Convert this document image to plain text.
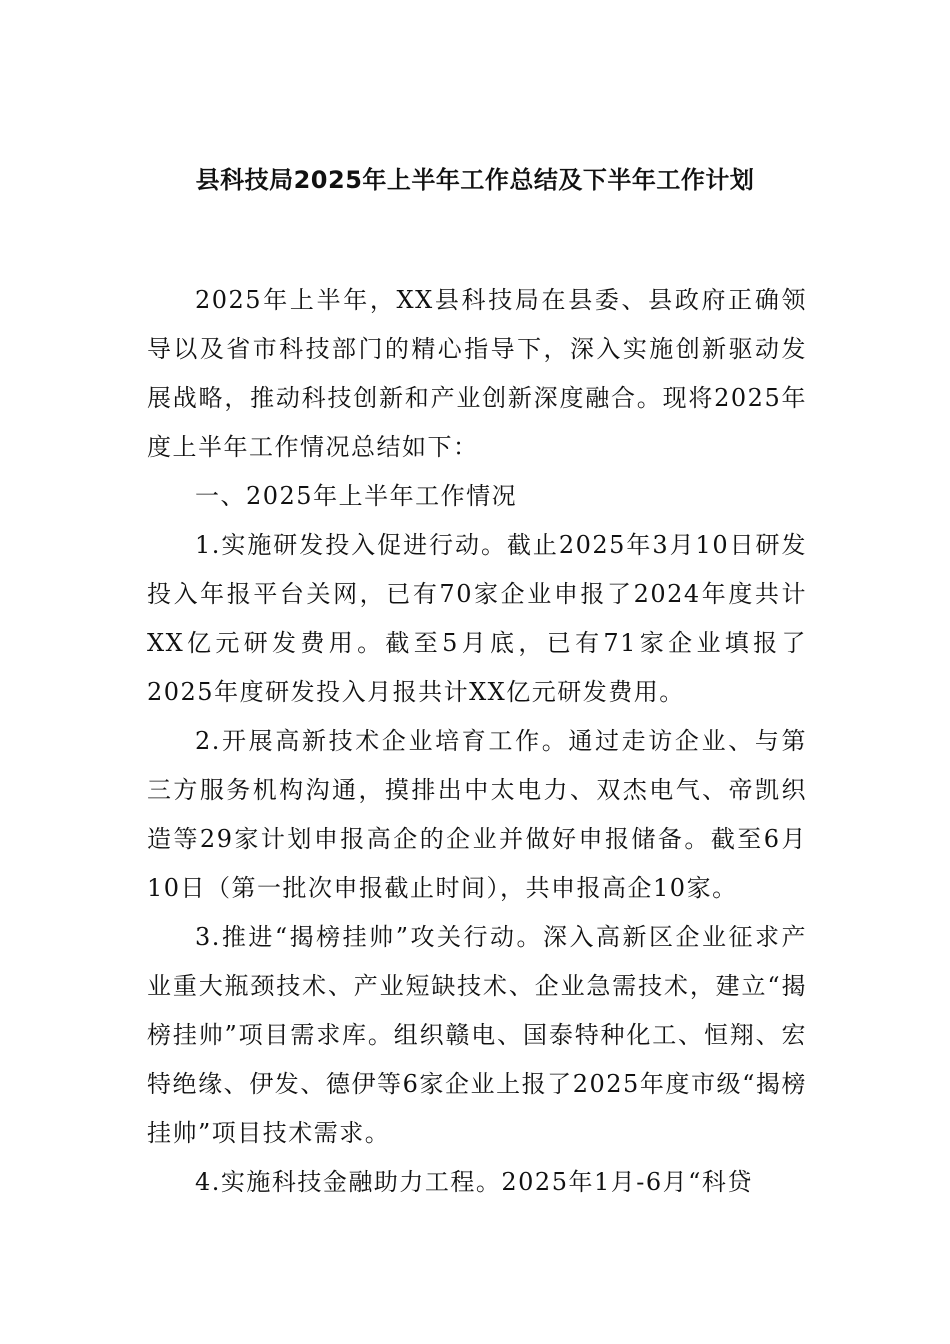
县科技局2025年上半年工作总结及下半年工作计划

2025年上半年，XX县科技局在县委、县政府正确领导以及省市科技部门的精心指导下，深入实施创新驱动发展战略，推动科技创新和产业创新深度融合。现将2025年度上半年工作情况总结如下：

一、2025年上半年工作情况

1.实施研发投入促进行动。截止2025年3月10日研发投入年报平台关网，已有70家企业申报了2024年度共计XX亿元研发费用。截至5月底，已有71家企业填报了2025年度研发投入月报共计XX亿元研发费用。

2.开展高新技术企业培育工作。通过走访企业、与第三方服务机构沟通，摸排出中太电力、双杰电气、帝凯织造等29家计划申报高企的企业并做好申报储备。截至6月10日（第一批次申报截止时间），共申报高企10家。

3.推进“揭榜挂帅”攻关行动。深入高新区企业征求产业重大瓶颈技术、产业短缺技术、企业急需技术，建立“揭榜挂帅”项目需求库。组织赣电、国泰特种化工、恒翔、宏特绝缘、伊发、德伊等6家企业上报了2025年度市级“揭榜挂帅”项目技术需求。

4.实施科技金融助力工程。2025年1月-6月“科贷
